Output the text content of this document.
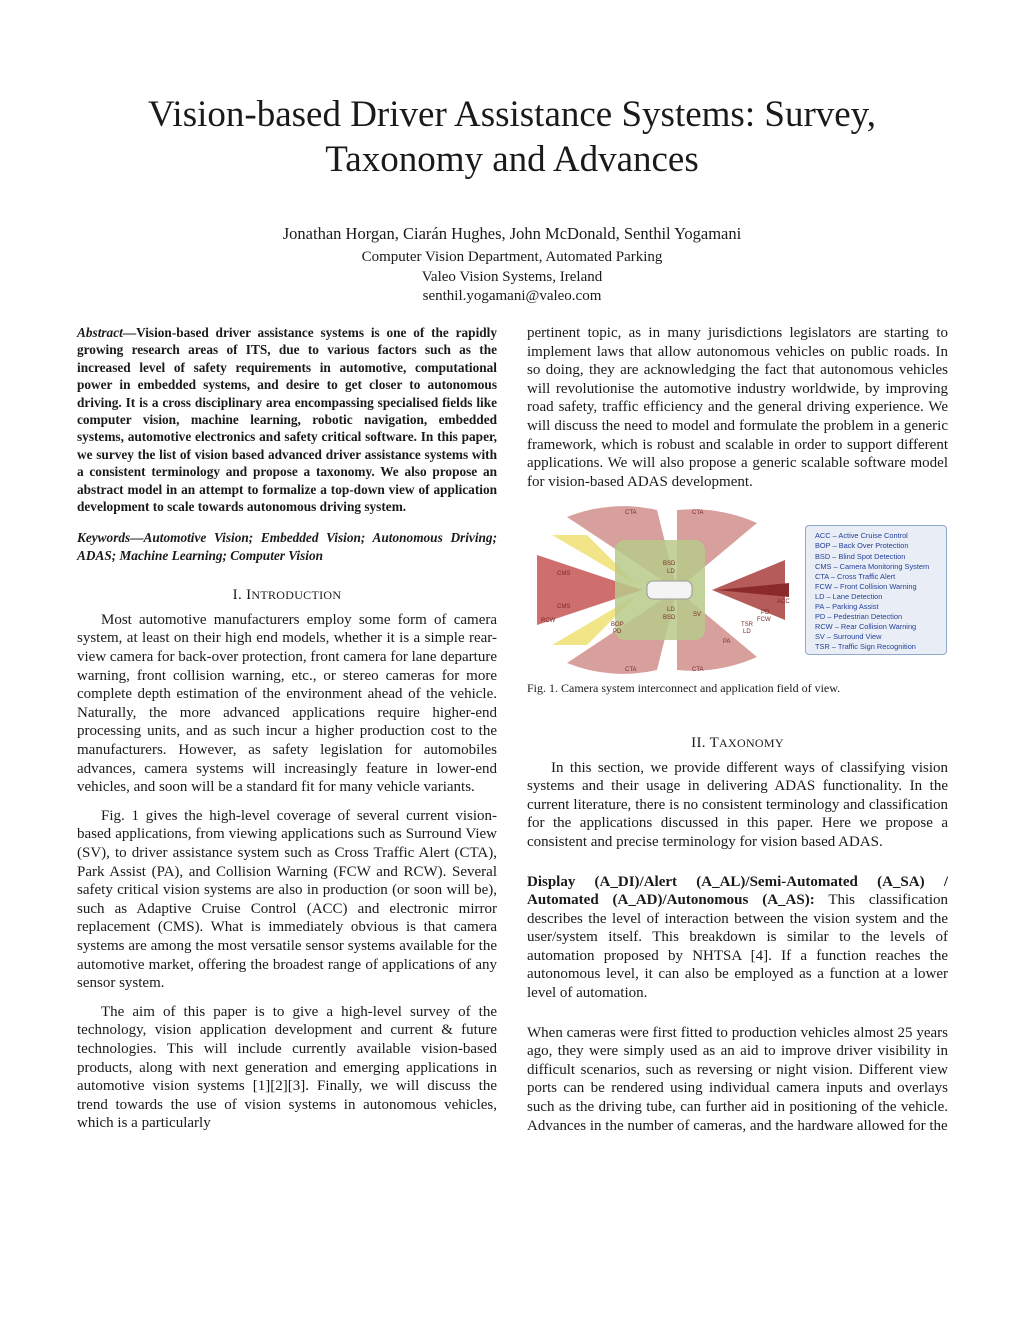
Vision-based Driver Assistance Systems: Survey,
Taxonomy and Advances
Jonathan Horgan, Ciarán Hughes, John McDonald, Senthil Yogamani
Computer Vision Department, Automated Parking
Valeo Vision Systems, Ireland
senthil.yogamani@valeo.com

Abstract—Vision-based driver assistance systems is one of the rapidly growing research areas of ITS, due to various factors such as the increased level of safety requirements in automotive, computational power in embedded systems, and desire to get closer to autonomous driving. It is a cross disciplinary area encompassing specialised fields like computer vision, machine learning, robotic navigation, embedded systems, automotive electronics and safety critical software. In this paper, we survey the list of vision based advanced driver assistance systems with a consistent terminology and propose a taxonomy. We also propose an abstract model in an attempt to formalize a top-down view of application development to scale towards autonomous driving system.

Keywords—Automotive Vision; Embedded Vision; Autonomous Driving; ADAS; Machine Learning; Computer Vision

I. INTRODUCTION

Most automotive manufacturers employ some form of camera system, at least on their high end models, whether it is a simple rear-view camera for back-over protection, front camera for lane departure warning, front collision warning, etc., or stereo cameras for more complete depth estimation of the environment ahead of the vehicle. Naturally, the more advanced applications require higher-end processing units, and as such incur a higher production cost to the manufacturers. However, as safety legislation for automobiles advances, camera systems will increasingly feature in lower-end vehicles, and soon will be a standard fit for many vehicle variants.

Fig. 1 gives the high-level coverage of several current vision-based applications, from viewing applications such as Surround View (SV), to driver assistance system such as Cross Traffic Alert (CTA), Park Assist (PA), and Collision Warning (FCW and RCW). Several safety critical vision systems are also in production (or soon will be), such as Adaptive Cruise Control (ACC) and electronic mirror replacement (CMS). What is immediately obvious is that camera systems are among the most versatile sensor systems available for the automotive market, offering the broadest range of applications of any sensor system.

The aim of this paper is to give a high-level survey of the technology, vision application development and current & future technologies. This will include currently available vision-based products, along with next generation and emerging applications in automotive vision systems [1][2][3]. Finally, we will discuss the trend towards the use of vision systems in autonomous vehicles, which is a particularly

pertinent topic, as in many jurisdictions legislators are starting to implement laws that allow autonomous vehicles on public roads. In so doing, they are acknowledging the fact that autonomous vehicles will revolutionise the automotive industry worldwide, by improving road safety, traffic efficiency and the general driving experience. We will discuss the need to model and formulate the problem in a generic framework, which is robust and scalable in order to support different applications. We will also propose a generic scalable software model for vision-based ADAS development.

CTA	CTA
CTA	CTA
CMS
CMS
RCW
BSD
LD
LD
BSD
BOP
PD
SV
TSR
LD
PD
FCW
ACC
PA
ACC – Active Cruise Control
BOP – Back Over Protection
BSD – Blind Spot Detection
CMS – Camera Monitoring System
CTA – Cross Traffic Alert
FCW – Front Collision Warning
LD – Lane Detection
PA – Parking Assist
PD – Pedestrian Detection
RCW – Rear Collision Warning
SV – Surround View
TSR – Traffic Sign Recognition

Fig. 1. Camera system interconnect and application field of view.

II. TAXONOMY

In this section, we provide different ways of classifying vision systems and their usage in delivering ADAS functionality. In the current literature, there is no consistent terminology and classification for the applications discussed in this paper. Here we propose a consistent and precise terminology for vision based ADAS.

Display (A_DI)/Alert (A_AL)/Semi-Automated (A_SA) / Automated (A_AD)/Autonomous (A_AS): This classification describes the level of interaction between the vision system and the user/system itself. This breakdown is similar to the levels of automation proposed by NHTSA [4]. If a function reaches the autonomous level, it can also be employed as a function at a lower level of automation.

When cameras were first fitted to production vehicles almost 25 years ago, they were simply used as an aid to improve driver visibility in difficult scenarios, such as reversing or night vision. Different view ports can be rendered using individual camera inputs and overlays such as the driving tube, can further aid in positioning of the vehicle. Advances in the number of cameras, and the hardware allowed for the
